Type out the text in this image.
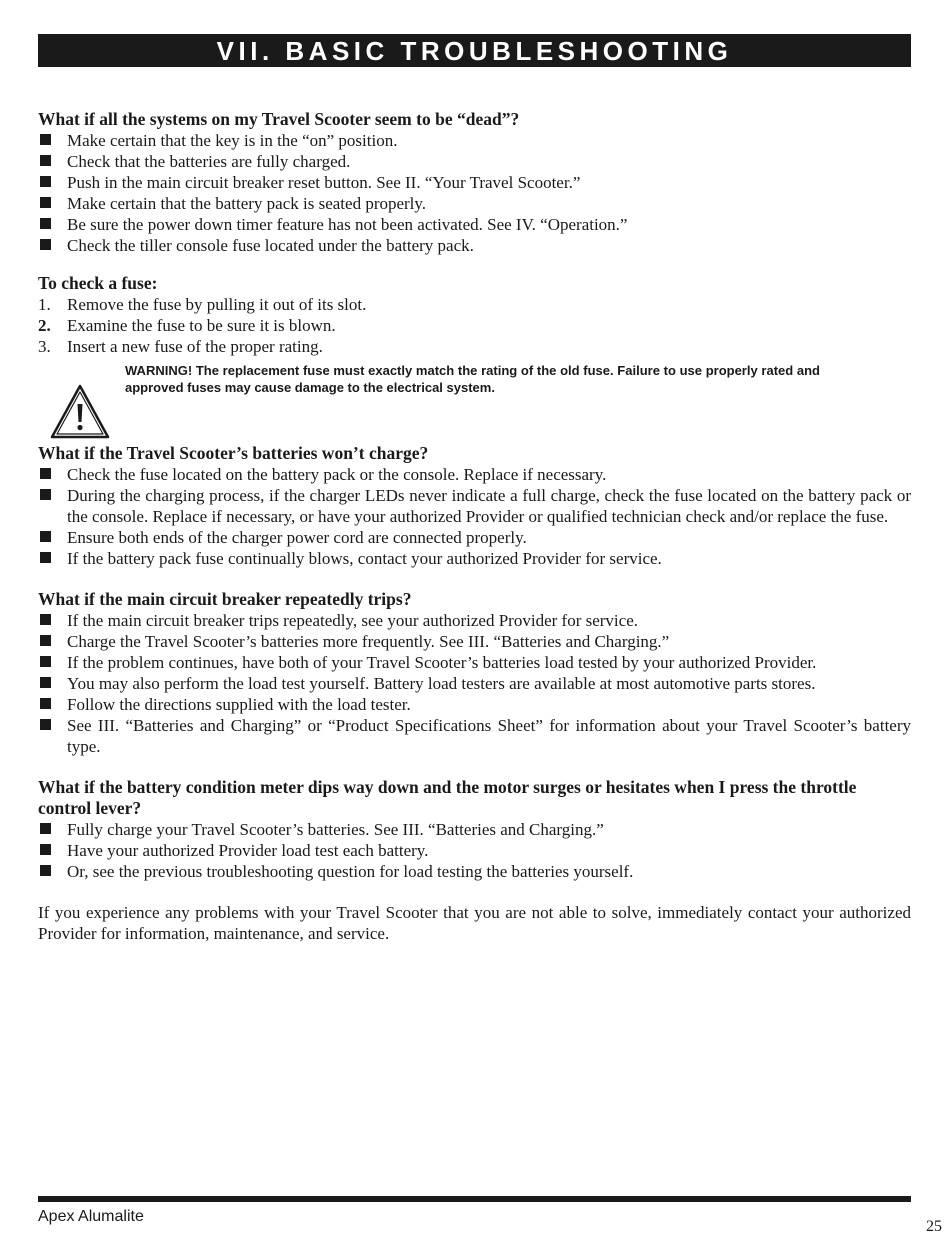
VII. BASIC TROUBLESHOOTING

What if all the systems on my Travel Scooter seem to be “dead”?

Make certain that the key is in the “on” position.
Check that the batteries are fully charged.
Push in the main circuit breaker reset button. See II. “Your Travel Scooter.”
Make certain that the battery pack is seated properly.
Be sure the power down timer feature has not been activated. See IV. “Operation.”
Check the tiller console fuse located under the battery pack.

To check a fuse:

1. Remove the fuse by pulling it out of its slot.
2. Examine the fuse to be sure it is blown.
3. Insert a new fuse of the proper rating.
WARNING! The replacement fuse must exactly match the rating of the old fuse. Failure to use properly rated and approved fuses may cause damage to the electrical system.

What if the Travel Scooter’s batteries won’t charge?

Check the fuse located on the battery pack or the console. Replace if necessary.
During the charging process, if the charger LEDs never indicate a full charge, check the fuse located on the battery pack or the console. Replace if necessary, or have your authorized Provider or qualified technician check and/or replace the fuse.
Ensure both ends of the charger power cord are connected properly.
If the battery pack fuse continually blows, contact your authorized Provider for service.

What if the main circuit breaker repeatedly trips?

If the main circuit breaker trips repeatedly, see your authorized Provider for service.
Charge the Travel Scooter’s batteries more frequently. See III. “Batteries and Charging.”
If the problem continues, have both of your Travel Scooter’s batteries load tested by your authorized Provider.
You may also perform the load test yourself. Battery load testers are available at most automotive parts stores.
Follow the directions supplied with the load tester.
See III. “Batteries and Charging” or “Product Specifications Sheet” for information about your Travel Scooter’s battery type.

What if the battery condition meter dips way down and the motor surges or hesitates when I press the throttle control lever?

Fully charge your Travel Scooter’s batteries. See III. “Batteries and Charging.”
Have your authorized Provider load test each battery.
Or, see the previous troubleshooting question for load testing the batteries yourself.

If you experience any problems with your Travel Scooter that you are not able to solve, immediately contact your authorized Provider for information, maintenance, and service.

Apex Alumalite
25
